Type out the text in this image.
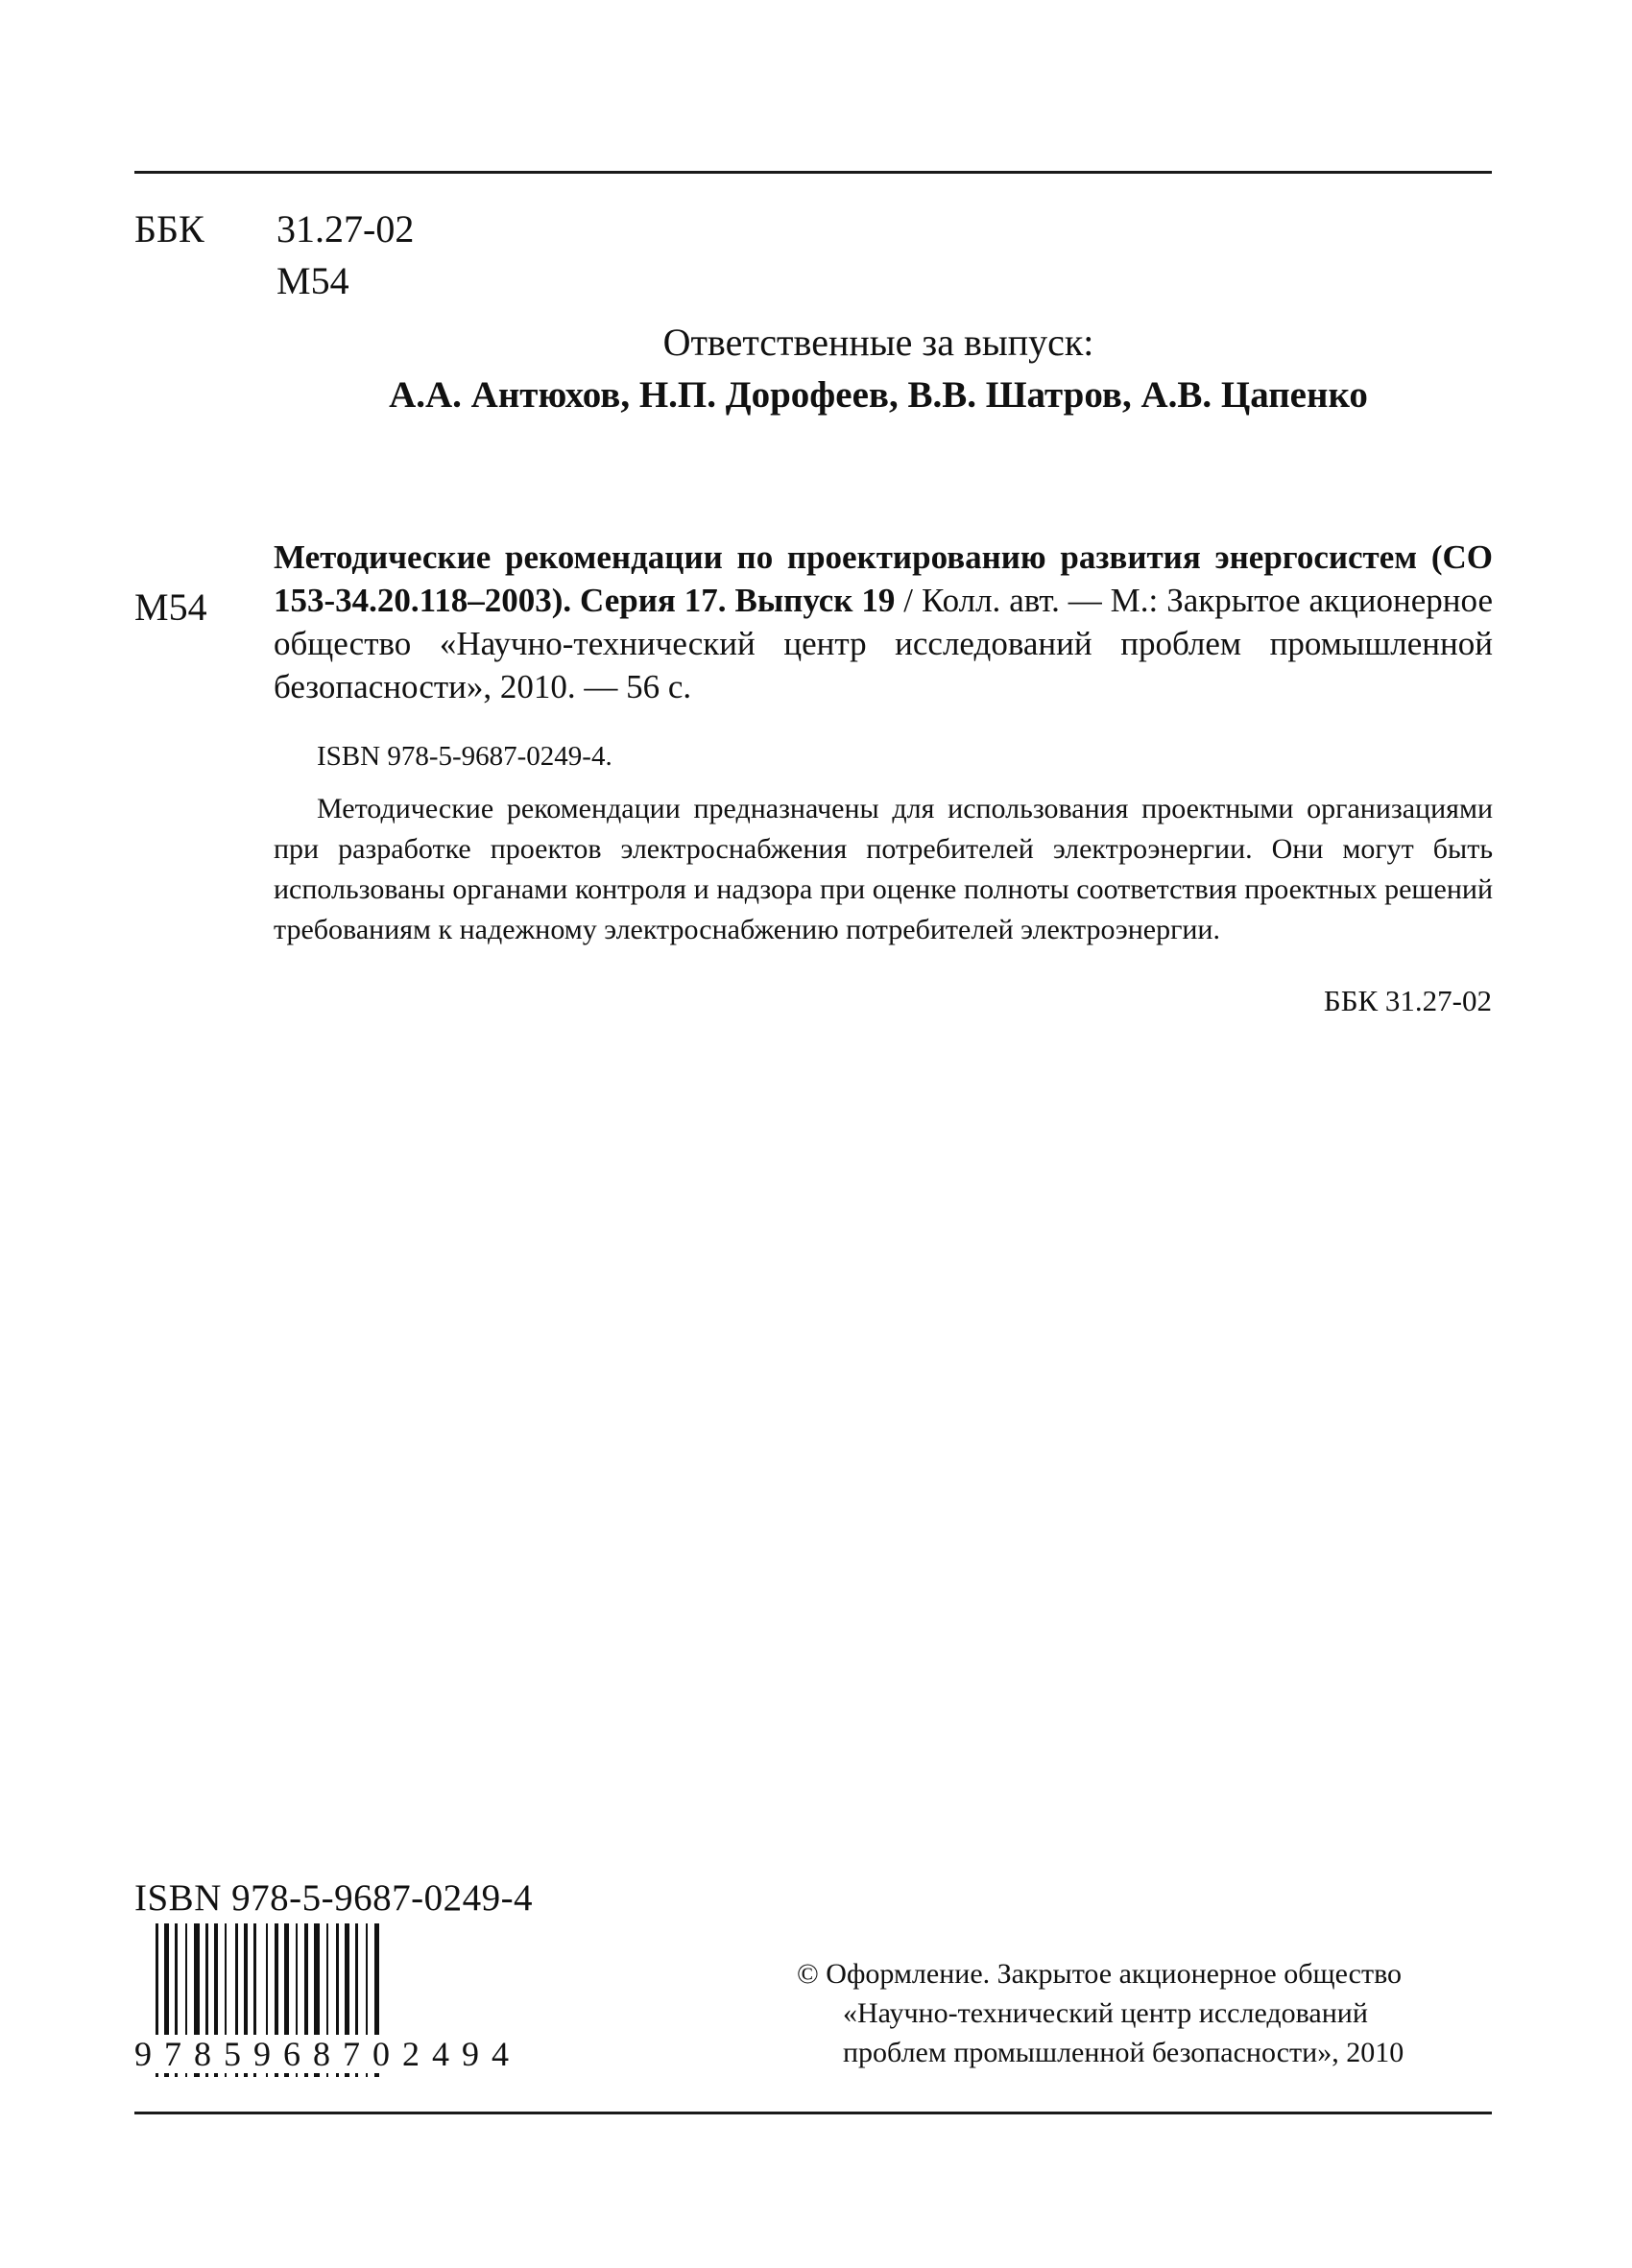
ББК	31.27-02
М54
Ответственные за выпуск:
А.А. Антюхов, Н.П. Дорофеев, В.В. Шатров, А.В. Цапенко
М54
Методические рекомендации по проектированию развития энергосистем (СО 153-34.20.118–2003). Серия 17. Выпуск 19 / Колл. авт. — М.: Закрытое акционерное общество «Научно-технический центр исследований проблем промышленной безопасности», 2010. — 56 с.
ISBN 978-5-9687-0249-4.
Методические рекомендации предназначены для использования проектными организациями при разработке проектов электроснабжения потребителей электроэнергии. Они могут быть использованы органами контроля и надзора при оценке полноты соответствия проектных решений требованиям к надежному электроснабжению потребителей электроэнергии.
ББК 31.27-02
ISBN 978-5-9687-0249-4
9785968702494
© Оформление. Закрытое акционерное общество
«Научно-технический центр исследований
проблем промышленной безопасности», 2010
